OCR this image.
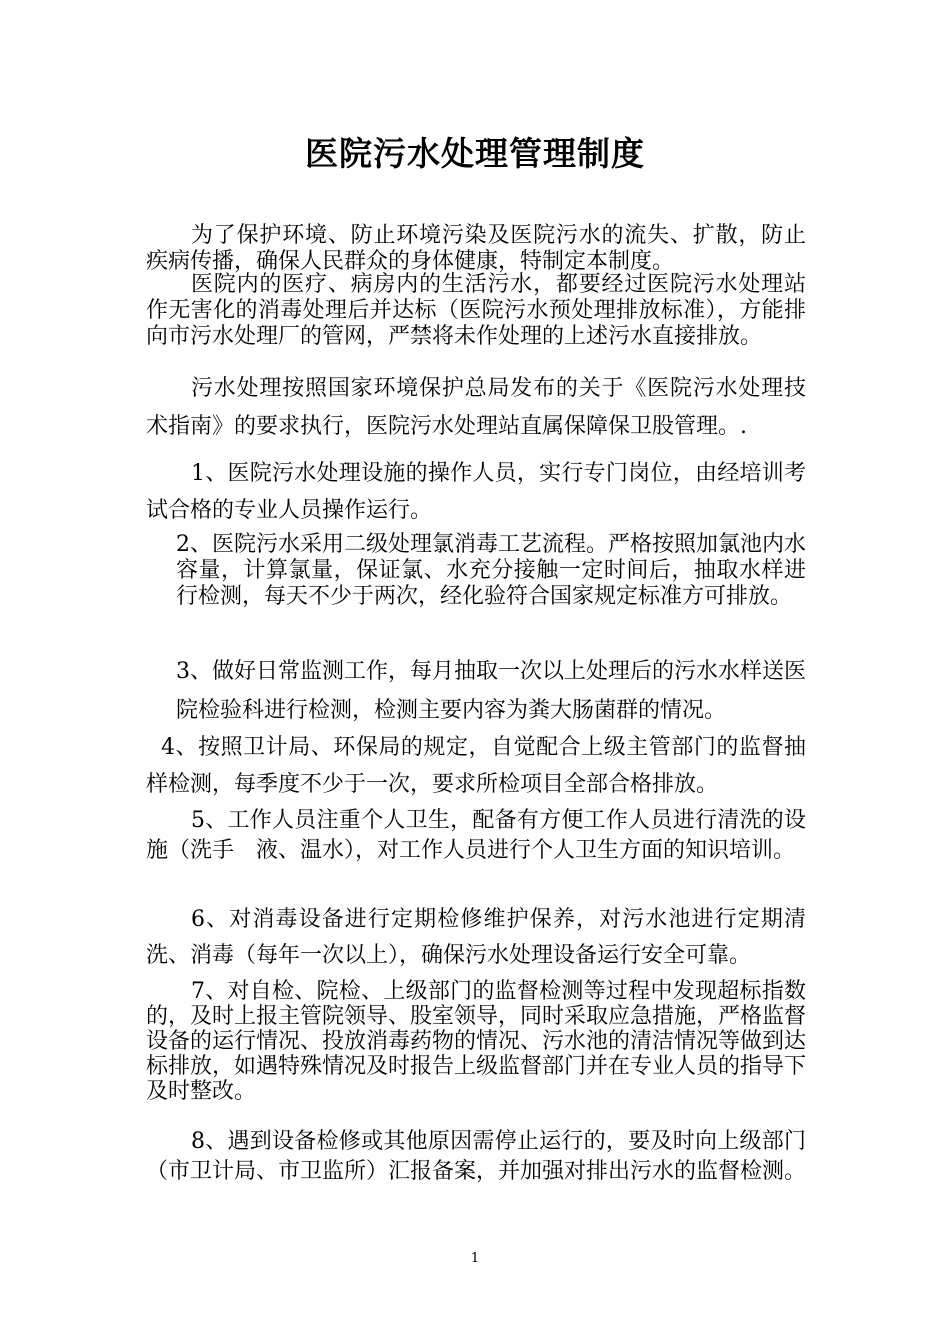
医院污水处理管理制度

为了保护环境、防止环境污染及医院污水的流失、扩散，防止疾病传播，确保人民群众的身体健康，特制定本制度。

医院内的医疗、病房内的生活污水，都要经过医院污水处理站作无害化的消毒处理后并达标（医院污水预处理排放标准），方能排向市污水处理厂的管网，严禁将未作处理的上述污水直接排放。

污水处理按照国家环境保护总局发布的关于《医院污水处理技术指南》的要求执行，医院污水处理站直属保障保卫股管理。.

1、医院污水处理设施的操作人员，实行专门岗位，由经培训考试合格的专业人员操作运行。

2、医院污水采用二级处理氯消毒工艺流程。严格按照加氯池内水容量，计算氯量，保证氯、水充分接触一定时间后，抽取水样进行检测，每天不少于两次，经化验符合国家规定标准方可排放。

3、做好日常监测工作，每月抽取一次以上处理后的污水水样送医院检验科进行检测，检测主要内容为粪大肠菌群的情况。

4、按照卫计局、环保局的规定，自觉配合上级主管部门的监督抽样检测，每季度不少于一次，要求所检项目全部合格排放。

5、工作人员注重个人卫生，配备有方便工作人员进行清洗的设施（洗手　液、温水），对工作人员进行个人卫生方面的知识培训。

6、对消毒设备进行定期检修维护保养，对污水池进行定期清洗、消毒（每年一次以上），确保污水处理设备运行安全可靠。

7、对自检、院检、上级部门的监督检测等过程中发现超标指数的，及时上报主管院领导、股室领导，同时采取应急措施，严格监督设备的运行情况、投放消毒药物的情况、污水池的清洁情况等做到达标排放，如遇特殊情况及时报告上级监督部门并在专业人员的指导下及时整改。

8、遇到设备检修或其他原因需停止运行的，要及时向上级部门（市卫计局、市卫监所）汇报备案，并加强对排出污水的监督检测。

1
